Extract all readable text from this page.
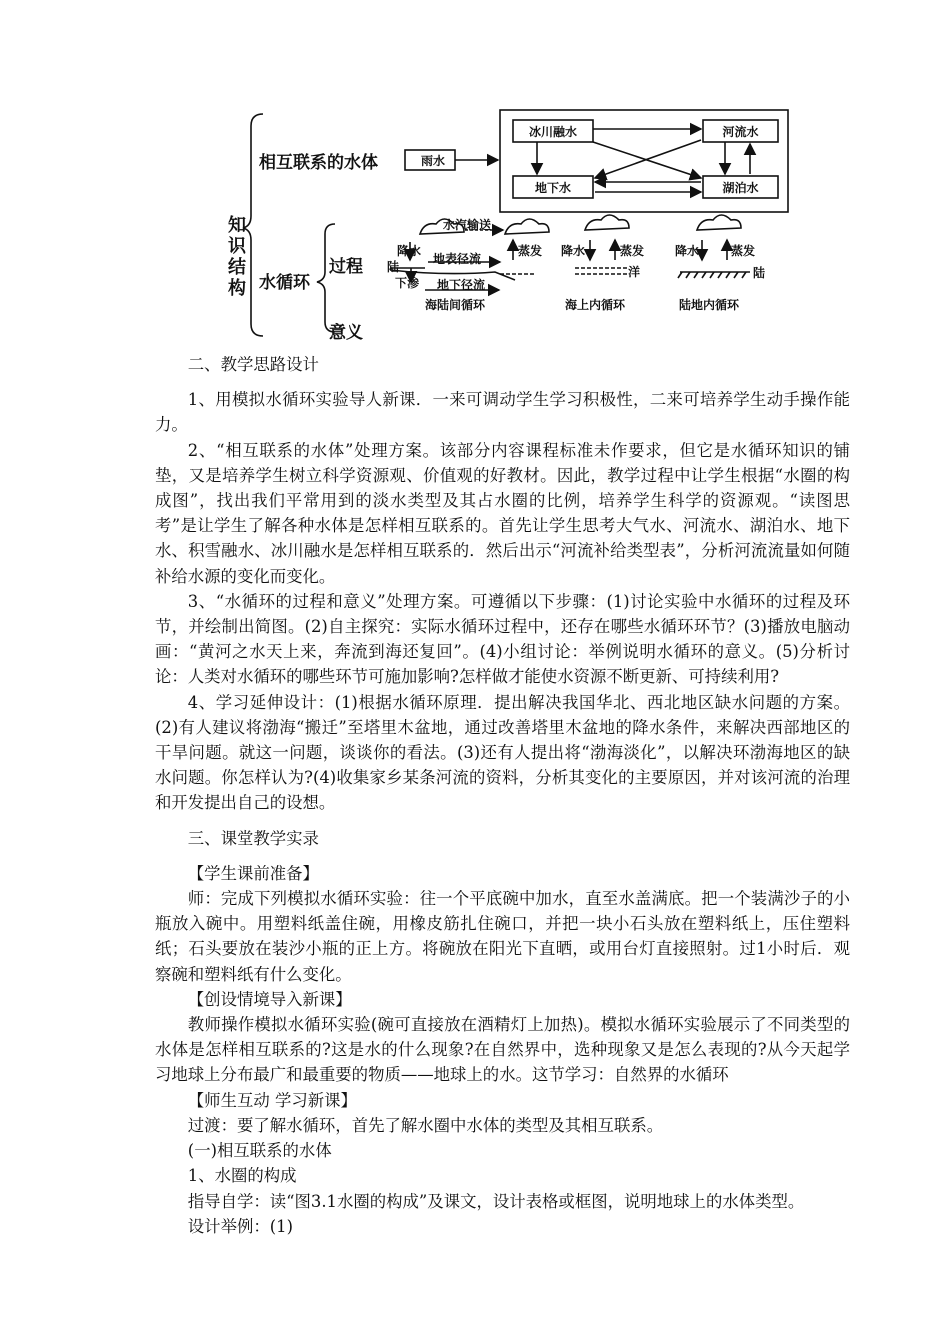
知识结构
相互联系的水体	雨水
冰川融水	河流水
地下水	湖泊水
水循环
过程
意义
水汽输送
降水	蒸发
陆
地表径流
下渗 地下径流
海陆间循环
降水	蒸发
洋
海上内循环
降水	蒸发
陆
陆地内循环

二、教学思路设计

1、用模拟水循环实验导人新课．一来可调动学生学习积极性，二来可培养学生动手操作能力。

2、“相互联系的水体”处理方案。该部分内容课程标准未作要求，但它是水循环知识的铺垫，又是培养学生树立科学资源观、价值观的好教材。因此，教学过程中让学生根据“水圈的构成图”，找出我们平常用到的淡水类型及其占水圈的比例，培养学生科学的资源观。“读图思考”是让学生了解各种水体是怎样相互联系的。首先让学生思考大气水、河流水、湖泊水、地下水、积雪融水、冰川融水是怎样相互联系的．然后出示“河流补给类型表”，分析河流流量如何随补给水源的变化而变化。

3、“水循环的过程和意义”处理方案。可遵循以下步骤：(1)讨论实验中水循环的过程及环节，并绘制出简图。(2)自主探究：实际水循环过程中，还存在哪些水循环环节？(3)播放电脑动画：“黄河之水天上来，奔流到海还复回”。(4)小组讨论：举例说明水循环的意义。(5)分析讨论：人类对水循环的哪些环节可施加影响?怎样做才能使水资源不断更新、可持续利用?

4、学习延伸设计：(1)根据水循环原理．提出解决我国华北、西北地区缺水问题的方案。(2)有人建议将渤海“搬迁”至塔里木盆地，通过改善塔里木盆地的降水条件，来解决西部地区的干旱问题。就这一问题，谈谈你的看法。(3)还有人提出将“渤海淡化”，以解决环渤海地区的缺水问题。你怎样认为?(4)收集家乡某条河流的资料，分析其变化的主要原因，并对该河流的治理和开发提出自己的设想。

三、课堂教学实录

【学生课前准备】

师：完成下列模拟水循环实验：往一个平底碗中加水，直至水盖满底。把一个装满沙子的小瓶放入碗中。用塑料纸盖住碗，用橡皮筋扎住碗口，并把一块小石头放在塑料纸上，压住塑料纸；石头要放在装沙小瓶的正上方。将碗放在阳光下直晒，或用台灯直接照射。过1小时后．观察碗和塑料纸有什么变化。

【创设情境导入新课】

教师操作模拟水循环实验(碗可直接放在酒精灯上加热)。模拟水循环实验展示了不同类型的水体是怎样相互联系的?这是水的什么现象?在自然界中，选种现象又是怎么表现的?从今天起学习地球上分布最广和最重要的物质——地球上的水。这节学习：自然界的水循环

【师生互动 学习新课】

过渡：要了解水循环，首先了解水圈中水体的类型及其相互联系。

(一)相互联系的水体

1、水圈的构成

指导自学：读“图3.1水圈的构成”及课文，设计表格或框图，说明地球上的水体类型。

设计举例：(1)
